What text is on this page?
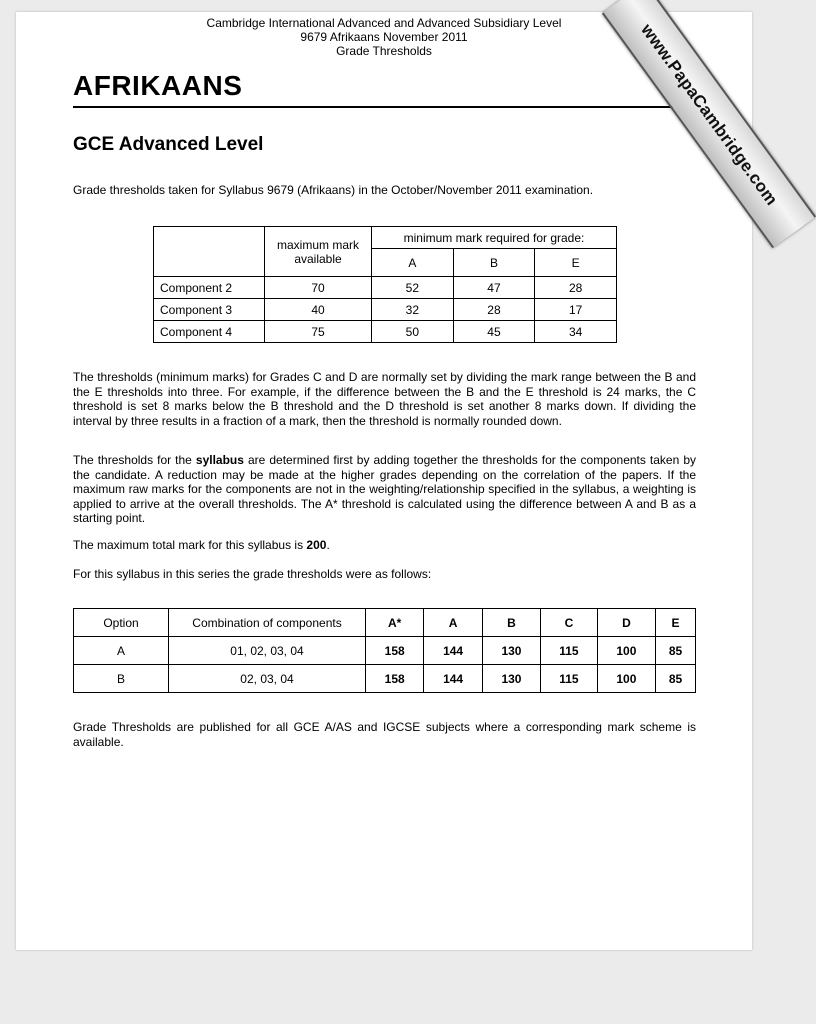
Cambridge International Advanced and Advanced Subsidiary Level
9679 Afrikaans November 2011
Grade Thresholds
AFRIKAANS
GCE Advanced Level
Grade thresholds taken for Syllabus 9679 (Afrikaans) in the October/November 2011 examination.
	maximum mark available	minimum mark required for grade:		
		A	B	E
Component 2	70	52	47	28
Component 3	40	32	28	17
Component 4	75	50	45	34
The thresholds (minimum marks) for Grades C and D are normally set by dividing the mark range between the B and the E thresholds into three. For example, if the difference between the B and the E threshold is 24 marks, the C threshold is set 8 marks below the B threshold and the D threshold is set another 8 marks down. If dividing the interval by three results in a fraction of a mark, then the threshold is normally rounded down.
The thresholds for the syllabus are determined first by adding together the thresholds for the components taken by the candidate. A reduction may be made at the higher grades depending on the correlation of the papers. If the maximum raw marks for the components are not in the weighting/relationship specified in the syllabus, a weighting is applied to arrive at the overall thresholds. The A* threshold is calculated using the difference between A and B as a starting point.
The maximum total mark for this syllabus is 200.
For this syllabus in this series the grade thresholds were as follows:
Option	Combination of components	A*	A	B	C	D	E
A	01, 02, 03, 04	158	144	130	115	100	85
B	02, 03, 04	158	144	130	115	100	85
Grade Thresholds are published for all GCE A/AS and IGCSE subjects where a corresponding mark scheme is available.
www.PapaCambridge.com
